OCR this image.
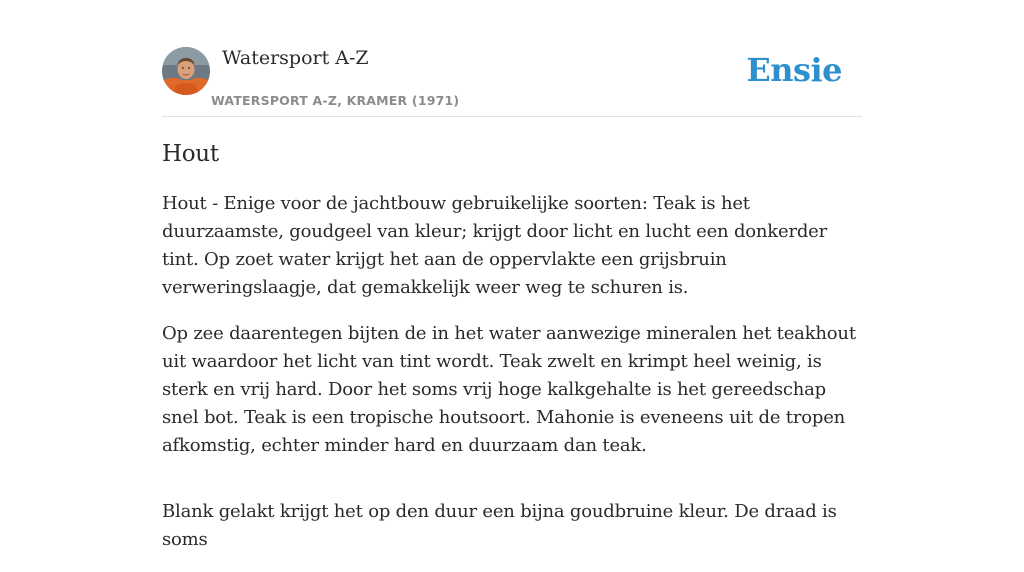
Watersport A-Z
WATERSPORT A-Z, KRAMER (1971)
Ensie
Hout

Hout - Enige voor de jachtbouw gebruikelijke soorten: Teak is het duurzaamste, goudgeel van kleur; krijgt door licht en lucht een donkerder tint. Op zoet water krijgt het aan de oppervlakte een grijsbruin verweringslaagje, dat gemakkelijk weer weg te schuren is.

Op zee daarentegen bijten de in het water aanwezige mineralen het teakhout uit waardoor het licht van tint wordt. Teak zwelt en krimpt heel weinig, is sterk en vrij hard. Door het soms vrij hoge kalkgehalte is het gereedschap snel bot. Teak is een tropische houtsoort. Mahonie is eveneens uit de tropen afkomstig, echter minder hard en duurzaam dan teak.

Blank gelakt krijgt het op den duur een bijna goudbruine kleur. De draad is soms
